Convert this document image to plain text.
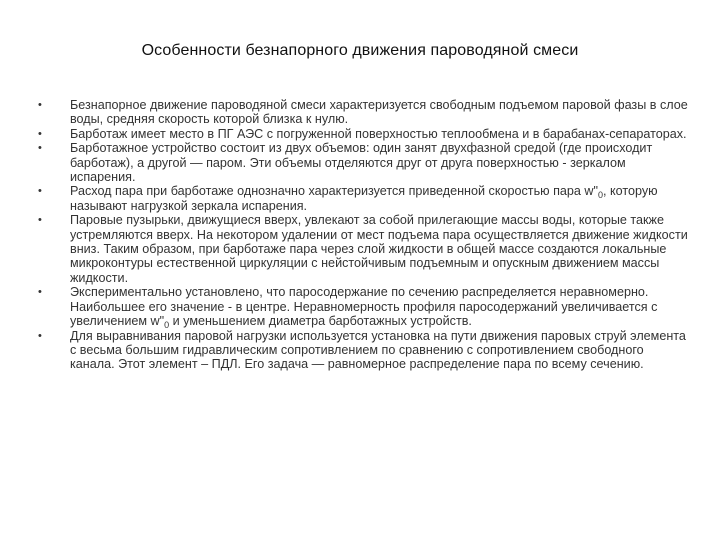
Особенности безнапорного движения пароводяной смеси
• Безнапорное движение пароводяной смеси характеризуется свободным подъемом паровой фазы в слое воды, средняя скорость которой близка к нулю.
• Барботаж имеет место в ПГ АЭС с погруженной поверхностью теплообмена и в барабанах-сепараторах.
• Барботажное устройство состоит из двух объемов: один занят двухфазной средой (где происходит барботаж), а другой — паром. Эти объемы отделяются друг от друга поверхностью - зеркалом испарения.
• Расход пара при барботаже однозначно характеризуется приведенной скоростью пара $w"_0$, которую называют нагрузкой зеркала испарения.
• Паровые пузырьки, движущиеся вверх, увлекают за собой прилегающие массы воды, которые также устремляются вверх. На некотором удалении от мест подъема пара осуществляется движение жидкости вниз. Таким образом, при барботаже пара через слой жидкости в общей массе создаются локальные микроконтуры естественной циркуляции с нейстойчивым подъемным и опускным движением массы жидкости.
• Экспериментально установлено, что паросодержание по сечению распределяется неравномерно. Наибольшее его значение - в центре. Неравномерность профиля паросодержаний увеличивается с увеличением $w"_0$ и уменьшением диаметра барботажных устройств.
• Для выравнивания паровой нагрузки используется установка на пути движения паровых струй элемента с весьма большим гидравлическим сопротивлением по сравнению с сопротивлением свободного канала. Этот элемент – ПДЛ. Его задача — равномерное распределение пара по всему сечению.
